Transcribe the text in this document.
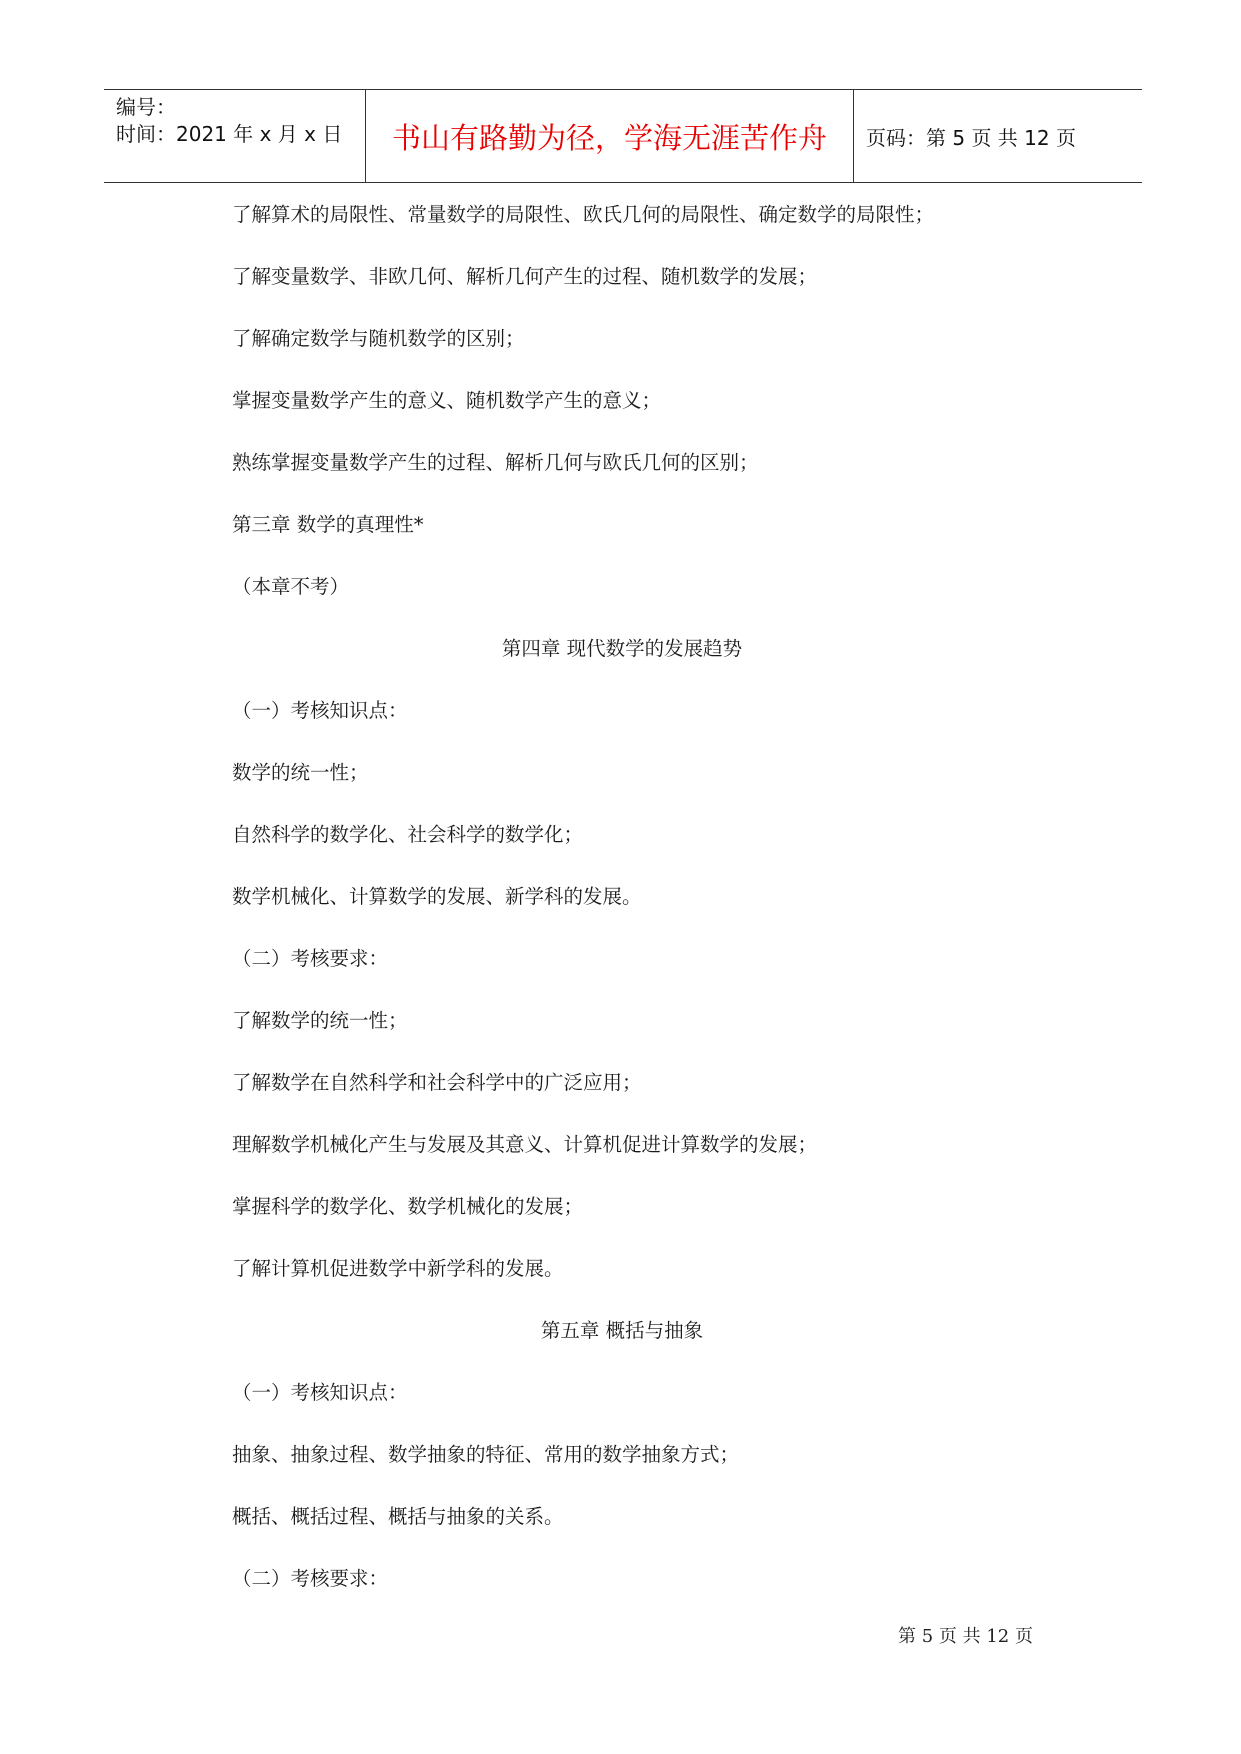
编号：
时间：2021 年 x 月 x 日	书山有路勤为径，学海无涯苦作舟 页码：第 5 页 共 12 页
了解算术的局限性、常量数学的局限性、欧氏几何的局限性、确定数学的局限性；
了解变量数学、非欧几何、解析几何产生的过程、随机数学的发展；
了解确定数学与随机数学的区别；
掌握变量数学产生的意义、随机数学产生的意义；
熟练掌握变量数学产生的过程、解析几何与欧氏几何的区别；
第三章 数学的真理性*
（本章不考）
第四章 现代数学的发展趋势
（一）考核知识点：
数学的统一性；
自然科学的数学化、社会科学的数学化；
数学机械化、计算数学的发展、新学科的发展。
（二）考核要求：
了解数学的统一性；
了解数学在自然科学和社会科学中的广泛应用；
理解数学机械化产生与发展及其意义、计算机促进计算数学的发展；
掌握科学的数学化、数学机械化的发展；
了解计算机促进数学中新学科的发展。
第五章 概括与抽象
（一）考核知识点：
抽象、抽象过程、数学抽象的特征、常用的数学抽象方式；
概括、概括过程、概括与抽象的关系。
（二）考核要求：
第 5 页 共 12 页
